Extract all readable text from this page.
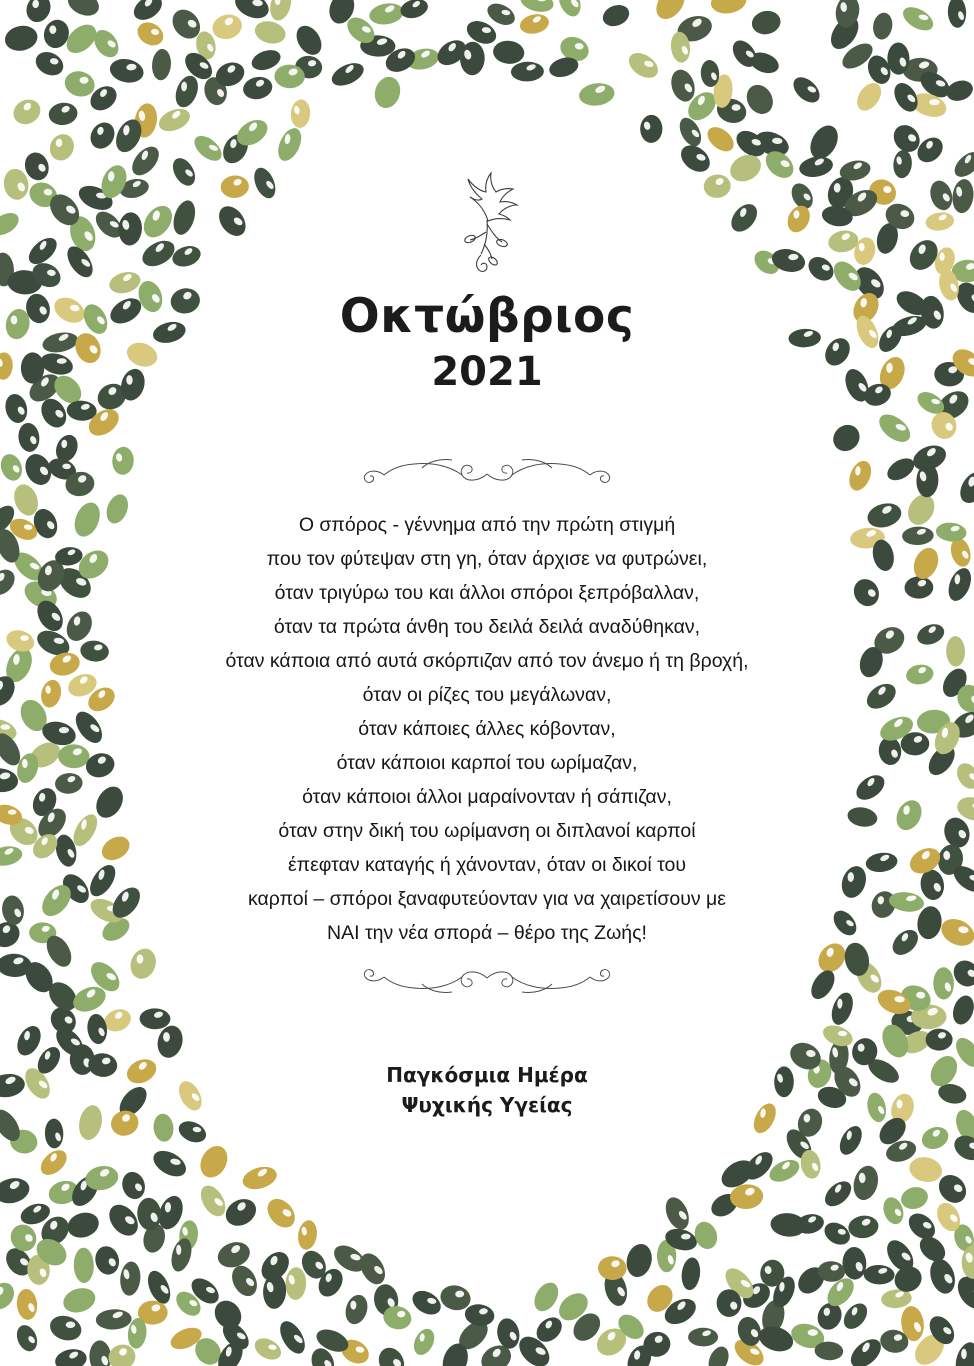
Οκτώβριος
2021
Ο σπόρος - γέννημα από την πρώτη στιγμή
που τον φύτεψαν στη γη, όταν άρχισε να φυτρώνει,
όταν τριγύρω του και άλλοι σπόροι ξεπρόβαλλαν,
όταν τα πρώτα άνθη του δειλά δειλά αναδύθηκαν,
όταν κάποια από αυτά σκόρπιζαν από τον άνεμο ή τη βροχή,
όταν οι ρίζες του μεγάλωναν,
όταν κάποιες άλλες κόβονταν,
όταν κάποιοι καρποί του ωρίμαζαν,
όταν κάποιοι άλλοι μαραίνονταν ή σάπιζαν,
όταν στην δική του ωρίμανση οι διπλανοί καρποί
έπεφταν καταγής ή χάνονταν, όταν οι δικοί του
καρποί – σπόροι ξαναφυτεύονταν για να χαιρετίσουν με
ΝΑΙ την νέα σπορά – θέρο της Ζωής!
Παγκόσμια Ημέρα
Ψυχικής Υγείας
